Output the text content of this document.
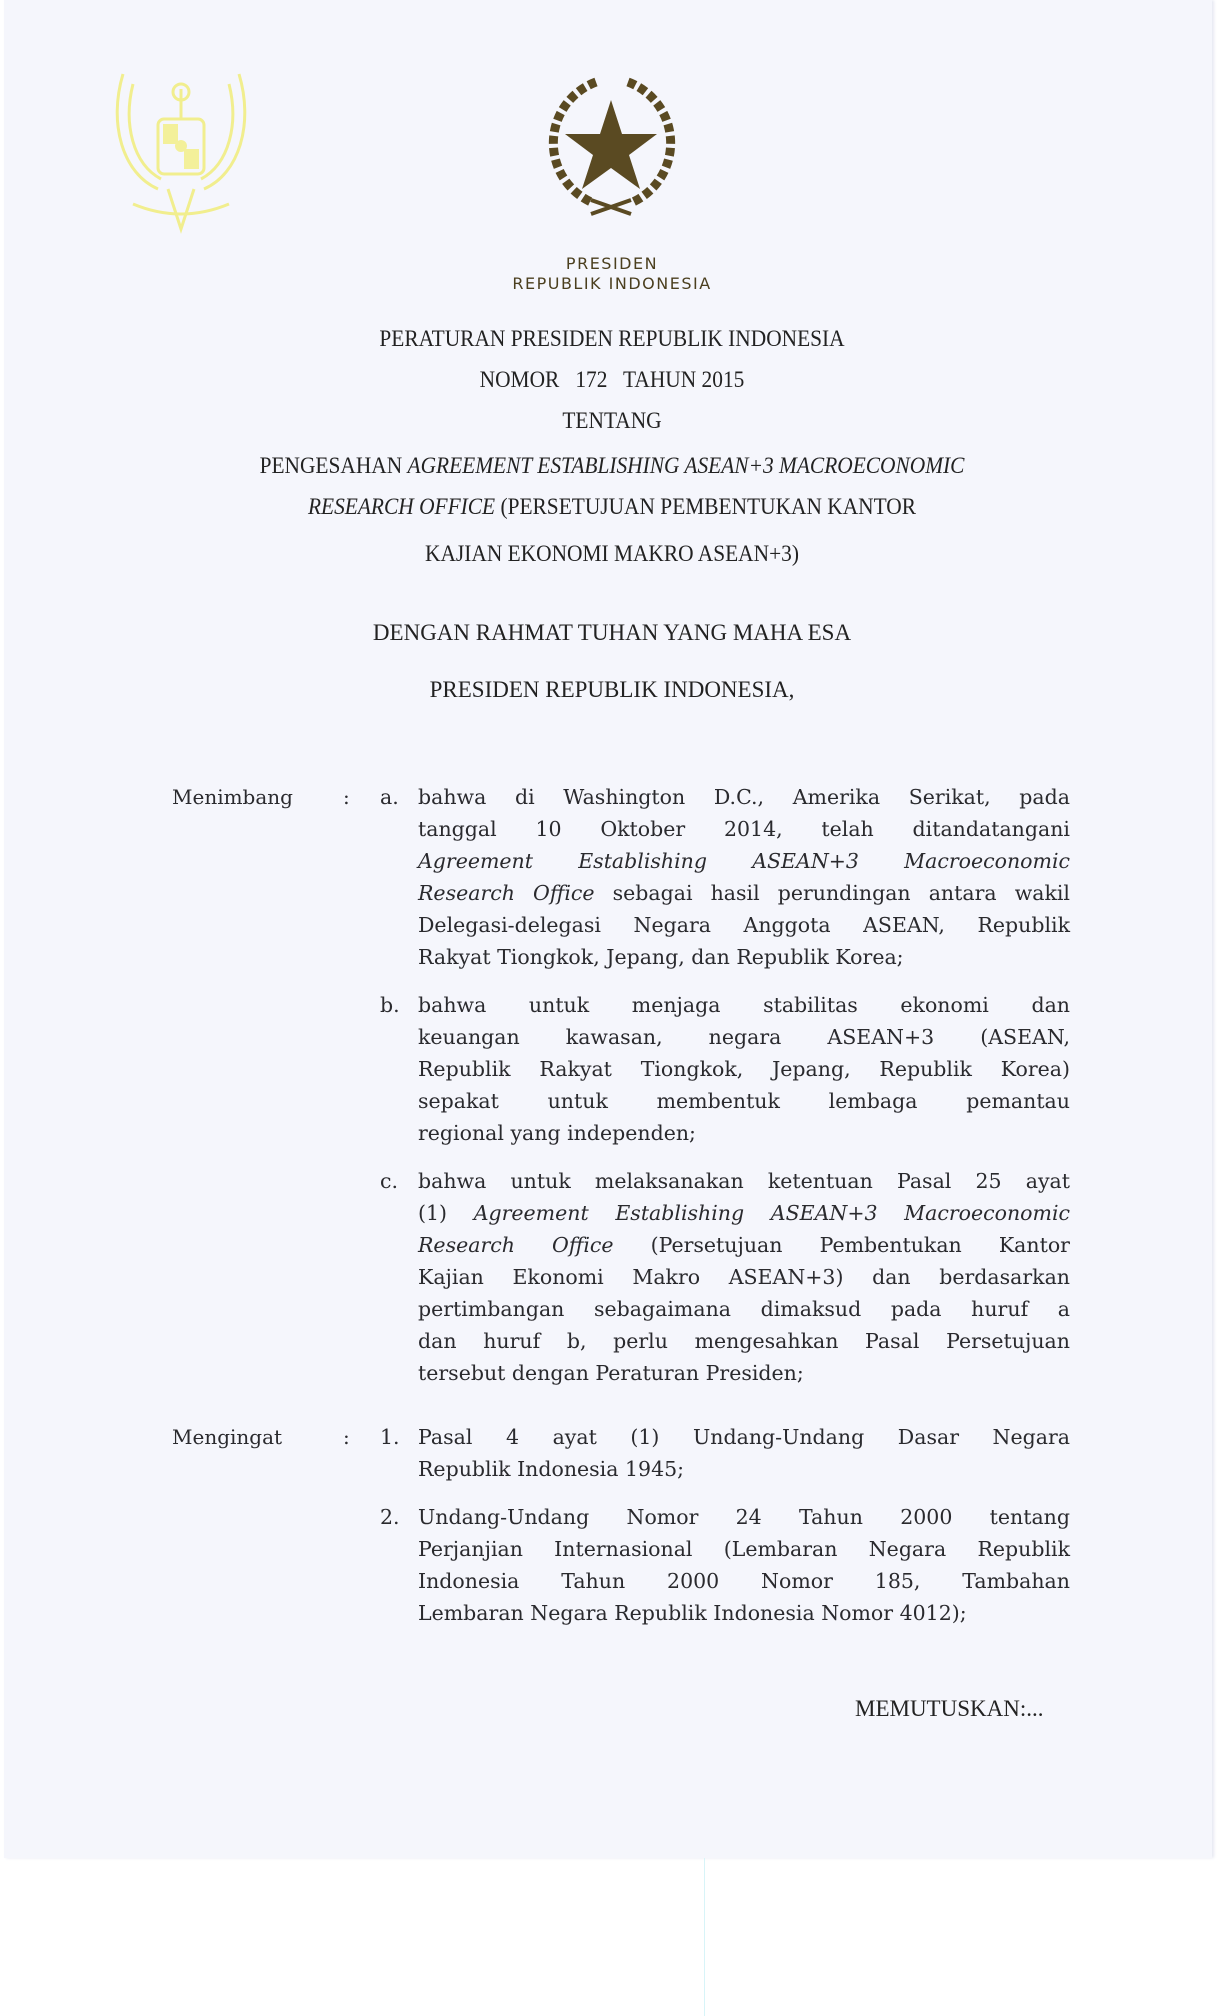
PRESIDEN
REPUBLIK INDONESIA
PERATURAN PRESIDEN REPUBLIK INDONESIA
NOMOR   172   TAHUN 2015
TENTANG
PENGESAHAN AGREEMENT ESTABLISHING ASEAN+3 MACROECONOMIC
RESEARCH OFFICE (PERSETUJUAN PEMBENTUKAN KANTOR
KAJIAN EKONOMI MAKRO ASEAN+3)
DENGAN RAHMAT TUHAN YANG MAHA ESA
PRESIDEN REPUBLIK INDONESIA,
Menimbang	: a. bahwa di Washington D.C., Amerika Serikat, pada
tanggal 10 Oktober 2014, telah ditandatangani
Agreement Establishing ASEAN+3 Macroeconomic
Research Office sebagai hasil perundingan antara wakil
Delegasi-delegasi Negara Anggota ASEAN, Republik
Rakyat Tiongkok, Jepang, dan Republik Korea;
b. bahwa untuk menjaga stabilitas ekonomi dan
keuangan kawasan, negara ASEAN+3 (ASEAN,
Republik Rakyat Tiongkok, Jepang, Republik Korea)
sepakat untuk membentuk lembaga pemantau
regional yang independen;
c. bahwa untuk melaksanakan ketentuan Pasal 25 ayat
(1) Agreement Establishing ASEAN+3 Macroeconomic
Research Office (Persetujuan Pembentukan Kantor
Kajian Ekonomi Makro ASEAN+3) dan berdasarkan
pertimbangan sebagaimana dimaksud pada huruf a
dan huruf b, perlu mengesahkan Pasal Persetujuan
tersebut dengan Peraturan Presiden;
Mengingat	: 1. Pasal 4 ayat (1) Undang-Undang Dasar Negara
Republik Indonesia 1945;
2. Undang-Undang Nomor 24 Tahun 2000 tentang
Perjanjian Internasional (Lembaran Negara Republik
Indonesia Tahun 2000 Nomor 185, Tambahan
Lembaran Negara Republik Indonesia Nomor 4012);
MEMUTUSKAN:...
